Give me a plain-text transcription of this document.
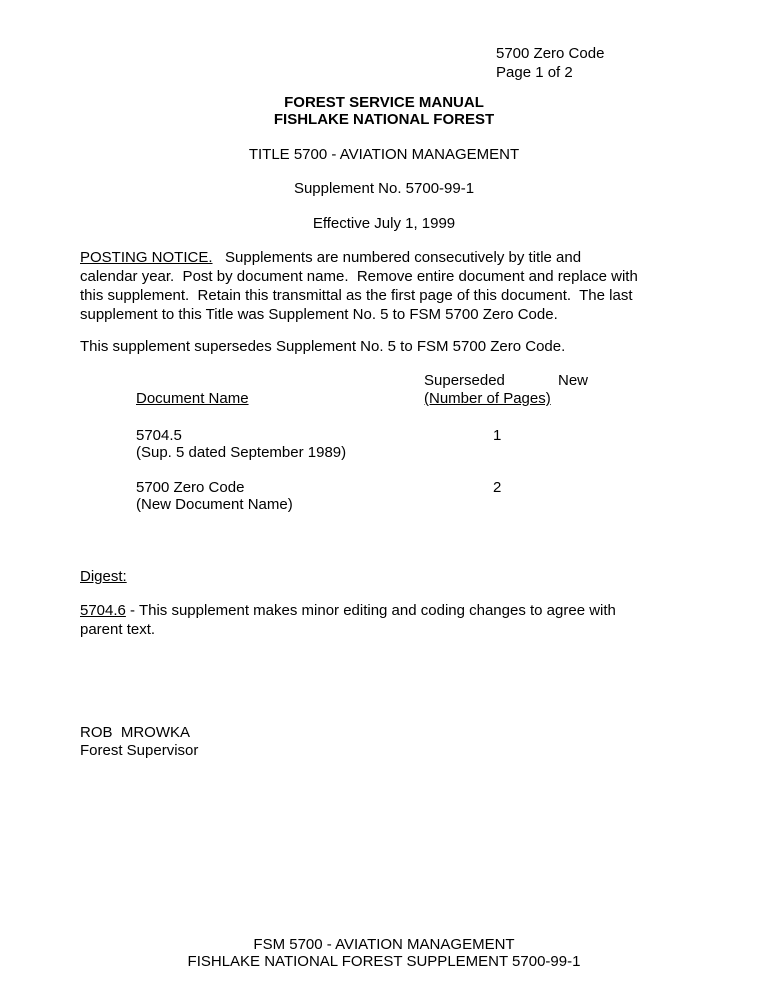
5700 Zero Code
Page 1 of 2
FOREST SERVICE MANUAL
FISHLAKE NATIONAL FOREST
TITLE 5700 - AVIATION MANAGEMENT
Supplement No. 5700-99-1
Effective July 1, 1999
POSTING NOTICE. Supplements are numbered consecutively by title and
calendar year.  Post by document name.  Remove entire document and replace with
this supplement.  Retain this transmittal as the first page of this document.  The last
supplement to this Title was Supplement No. 5 to FSM 5700 Zero Code.
This supplement supersedes Supplement No. 5 to FSM 5700 Zero Code.
Document Name
Superseded	New
(Number of Pages)
5704.5
(Sup. 5 dated September 1989)
1
5700 Zero Code
(New Document Name)
2
Digest:
5704.6 - This supplement makes minor editing and coding changes to agree with
parent text.
ROB  MROWKA
Forest Supervisor
FSM 5700 - AVIATION MANAGEMENT
FISHLAKE NATIONAL FOREST SUPPLEMENT 5700-99-1
